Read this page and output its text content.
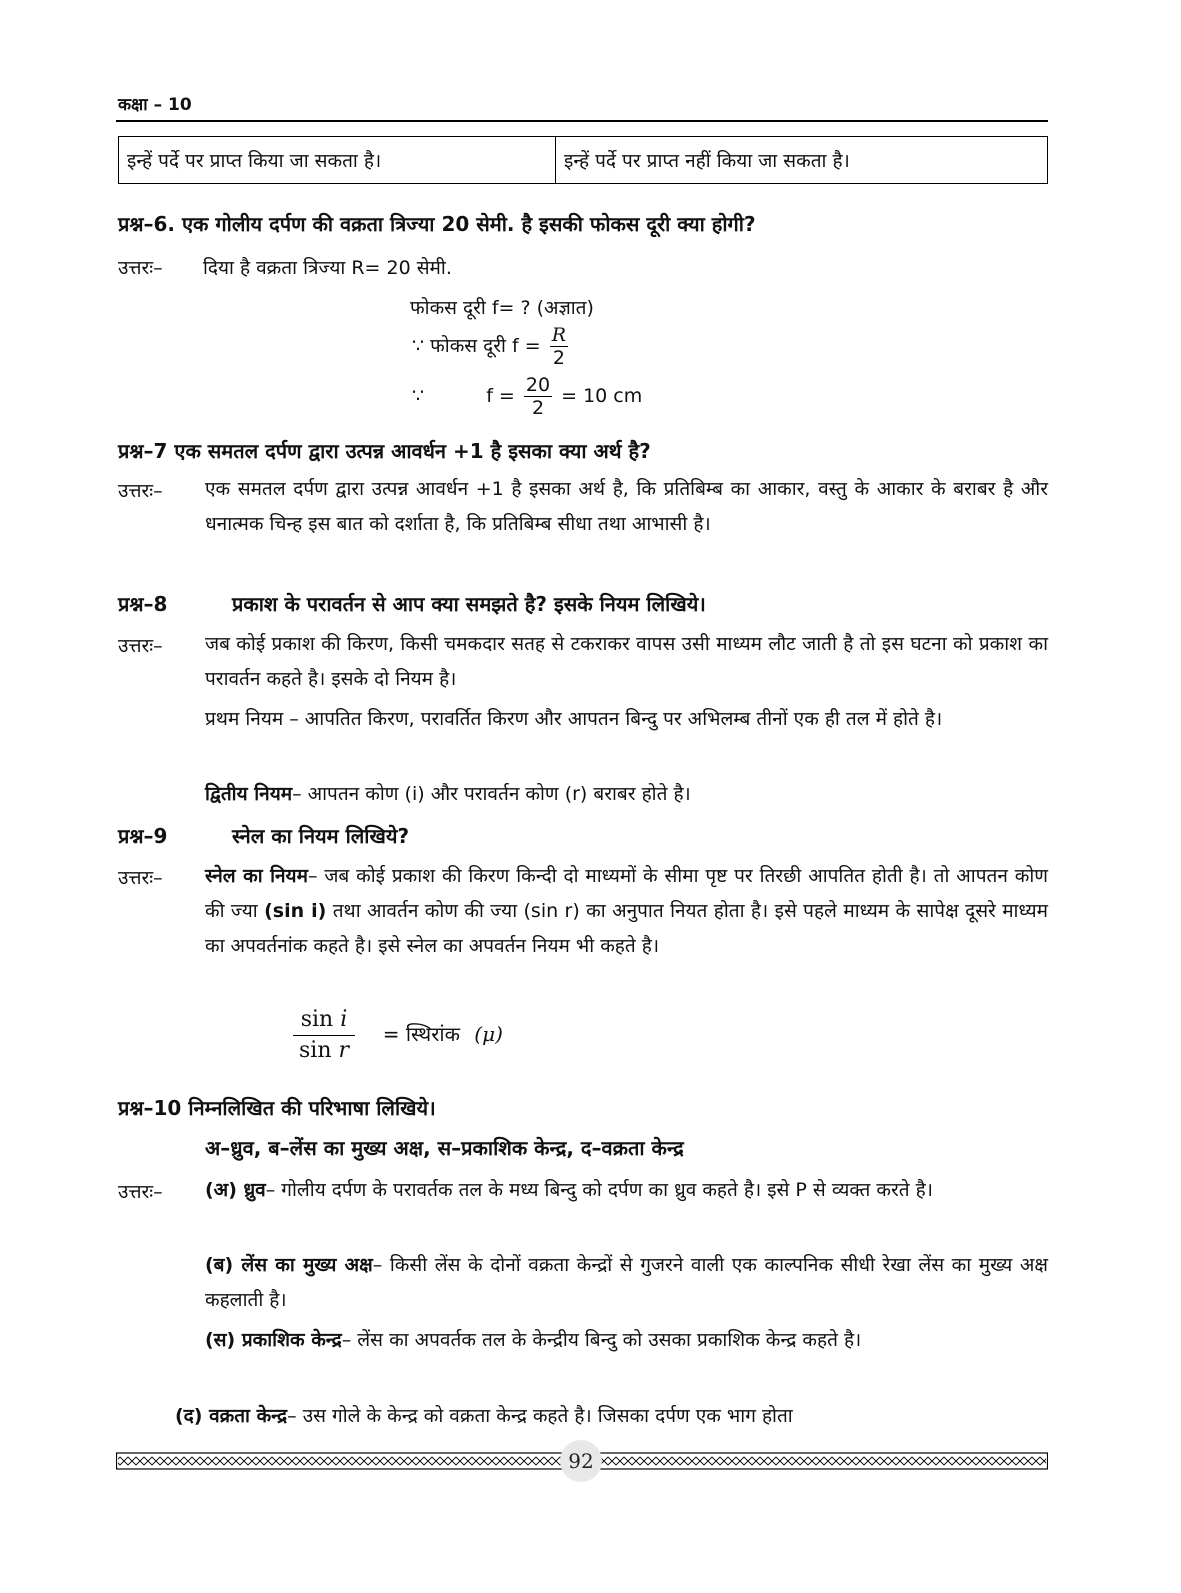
कक्षा – 10
इन्हें पर्दे पर प्राप्त किया जा सकता है।	इन्हें पर्दे पर प्राप्त नहीं किया जा सकता है।
प्रश्न–6. एक गोलीय दर्पण की वक्रता त्रिज्या 20 सेमी. है इसकी फोकस दूरी क्या होगी?
उत्तरः– दिया है वक्रता त्रिज्या R= 20 सेमी.
फोकस दूरी f= ? (अज्ञात)
∵ फोकस दूरी $f = \frac{R}{2}$
∵	$f = \frac{20}{2} = 10$ cm
प्रश्न–7 एक समतल दर्पण द्वारा उत्पन्न आवर्धन +1 है इसका क्या अर्थ है?
उत्तरः– एक समतल दर्पण द्वारा उत्पन्न आवर्धन +1 है इसका अर्थ है, कि प्रतिबिम्ब का आकार, वस्तु के आकार के बराबर है और धनात्मक चिन्ह इस बात को दर्शाता है, कि प्रतिबिम्ब सीधा तथा आभासी है।
प्रश्न–8	प्रकाश के परावर्तन से आप क्या समझते है? इसके नियम लिखिये।
उत्तरः– जब कोई प्रकाश की किरण, किसी चमकदार सतह से टकराकर वापस उसी माध्यम लौट जाती है तो इस घटना को प्रकाश का परावर्तन कहते है। इसके दो नियम है।
प्रथम नियम – आपतित किरण, परावर्तित किरण और आपतन बिन्दु पर अभिलम्ब तीनों एक ही तल में होते है।
द्वितीय नियम– आपतन कोण (i) और परावर्तन कोण (r) बराबर होते है।
प्रश्न–9	स्नेल का नियम लिखिये?
उत्तरः– स्नेल का नियम– जब कोई प्रकाश की किरण किन्दी दो माध्यमों के सीमा पृष्ट पर तिरछी आपतित होती है। तो आपतन कोण की ज्या (sin i) तथा आवर्तन कोण की ज्या (sin r) का अनुपात नियत होता है। इसे पहले माध्यम के सापेक्ष दूसरे माध्यम का अपवर्तनांक कहते है। इसे स्नेल का अपवर्तन नियम भी कहते है।
$\frac{\text{sin i}}{\text{sin r}}$ = स्थिरांक (μ)
प्रश्न–10 निम्नलिखित की परिभाषा लिखिये।
अ–ध्रुव, ब–लेंस का मुख्य अक्ष, स–प्रकाशिक केन्द्र, द–वक्रता केन्द्र
उत्तरः– (अ) ध्रुव– गोलीय दर्पण के परावर्तक तल के मध्य बिन्दु को दर्पण का ध्रुव कहते है। इसे P से व्यक्त करते है।
(ब) लेंस का मुख्य अक्ष– किसी लेंस के दोनों वक्रता केन्द्रों से गुजरने वाली एक काल्पनिक सीधी रेखा लेंस का मुख्य अक्ष कहलाती है।
(स) प्रकाशिक केन्द्र– लेंस का अपवर्तक तल के केन्द्रीय बिन्दु को उसका प्रकाशिक केन्द्र कहते है।
(द) वक्रता केन्द्र– उस गोले के केन्द्र को वक्रता केन्द्र कहते है। जिसका दर्पण एक भाग होता
92
